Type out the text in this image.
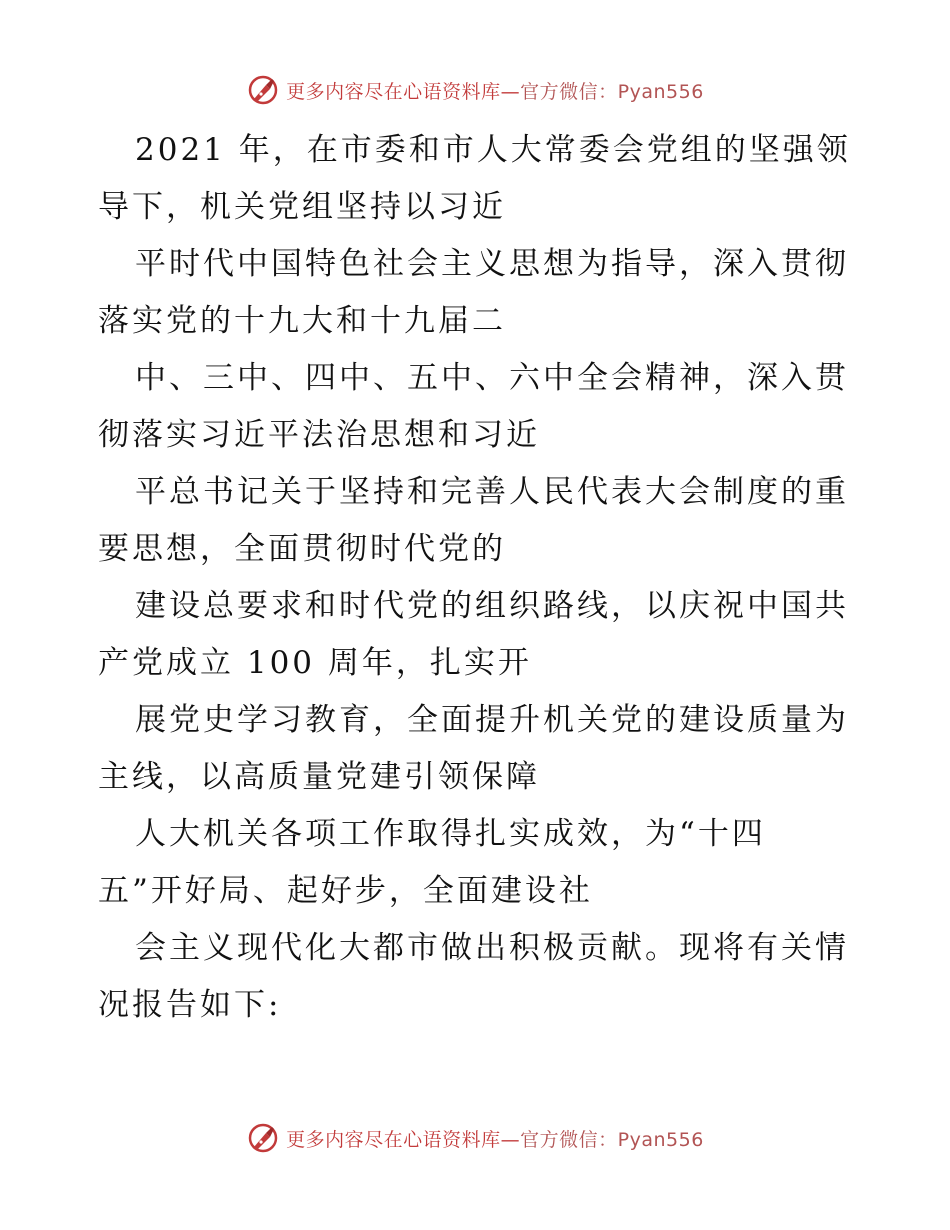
更多内容尽在心语资料库—官方微信：Pyan556
2021 年，在市委和市人大常委会党组的坚强领
导下，机关党组坚持以习近
平时代中国特色社会主义思想为指导，深入贯彻
落实党的十九大和十九届二
中、三中、四中、五中、六中全会精神，深入贯
彻落实习近平法治思想和习近
平总书记关于坚持和完善人民代表大会制度的重
要思想，全面贯彻时代党的
建设总要求和时代党的组织路线，以庆祝中国共
产党成立 100 周年，扎实开
展党史学习教育，全面提升机关党的建设质量为
主线，以高质量党建引领保障
人大机关各项工作取得扎实成效，为“十四
五”开好局、起好步，全面建设社
会主义现代化大都市做出积极贡献。现将有关情
况报告如下:
更多内容尽在心语资料库—官方微信：Pyan556
